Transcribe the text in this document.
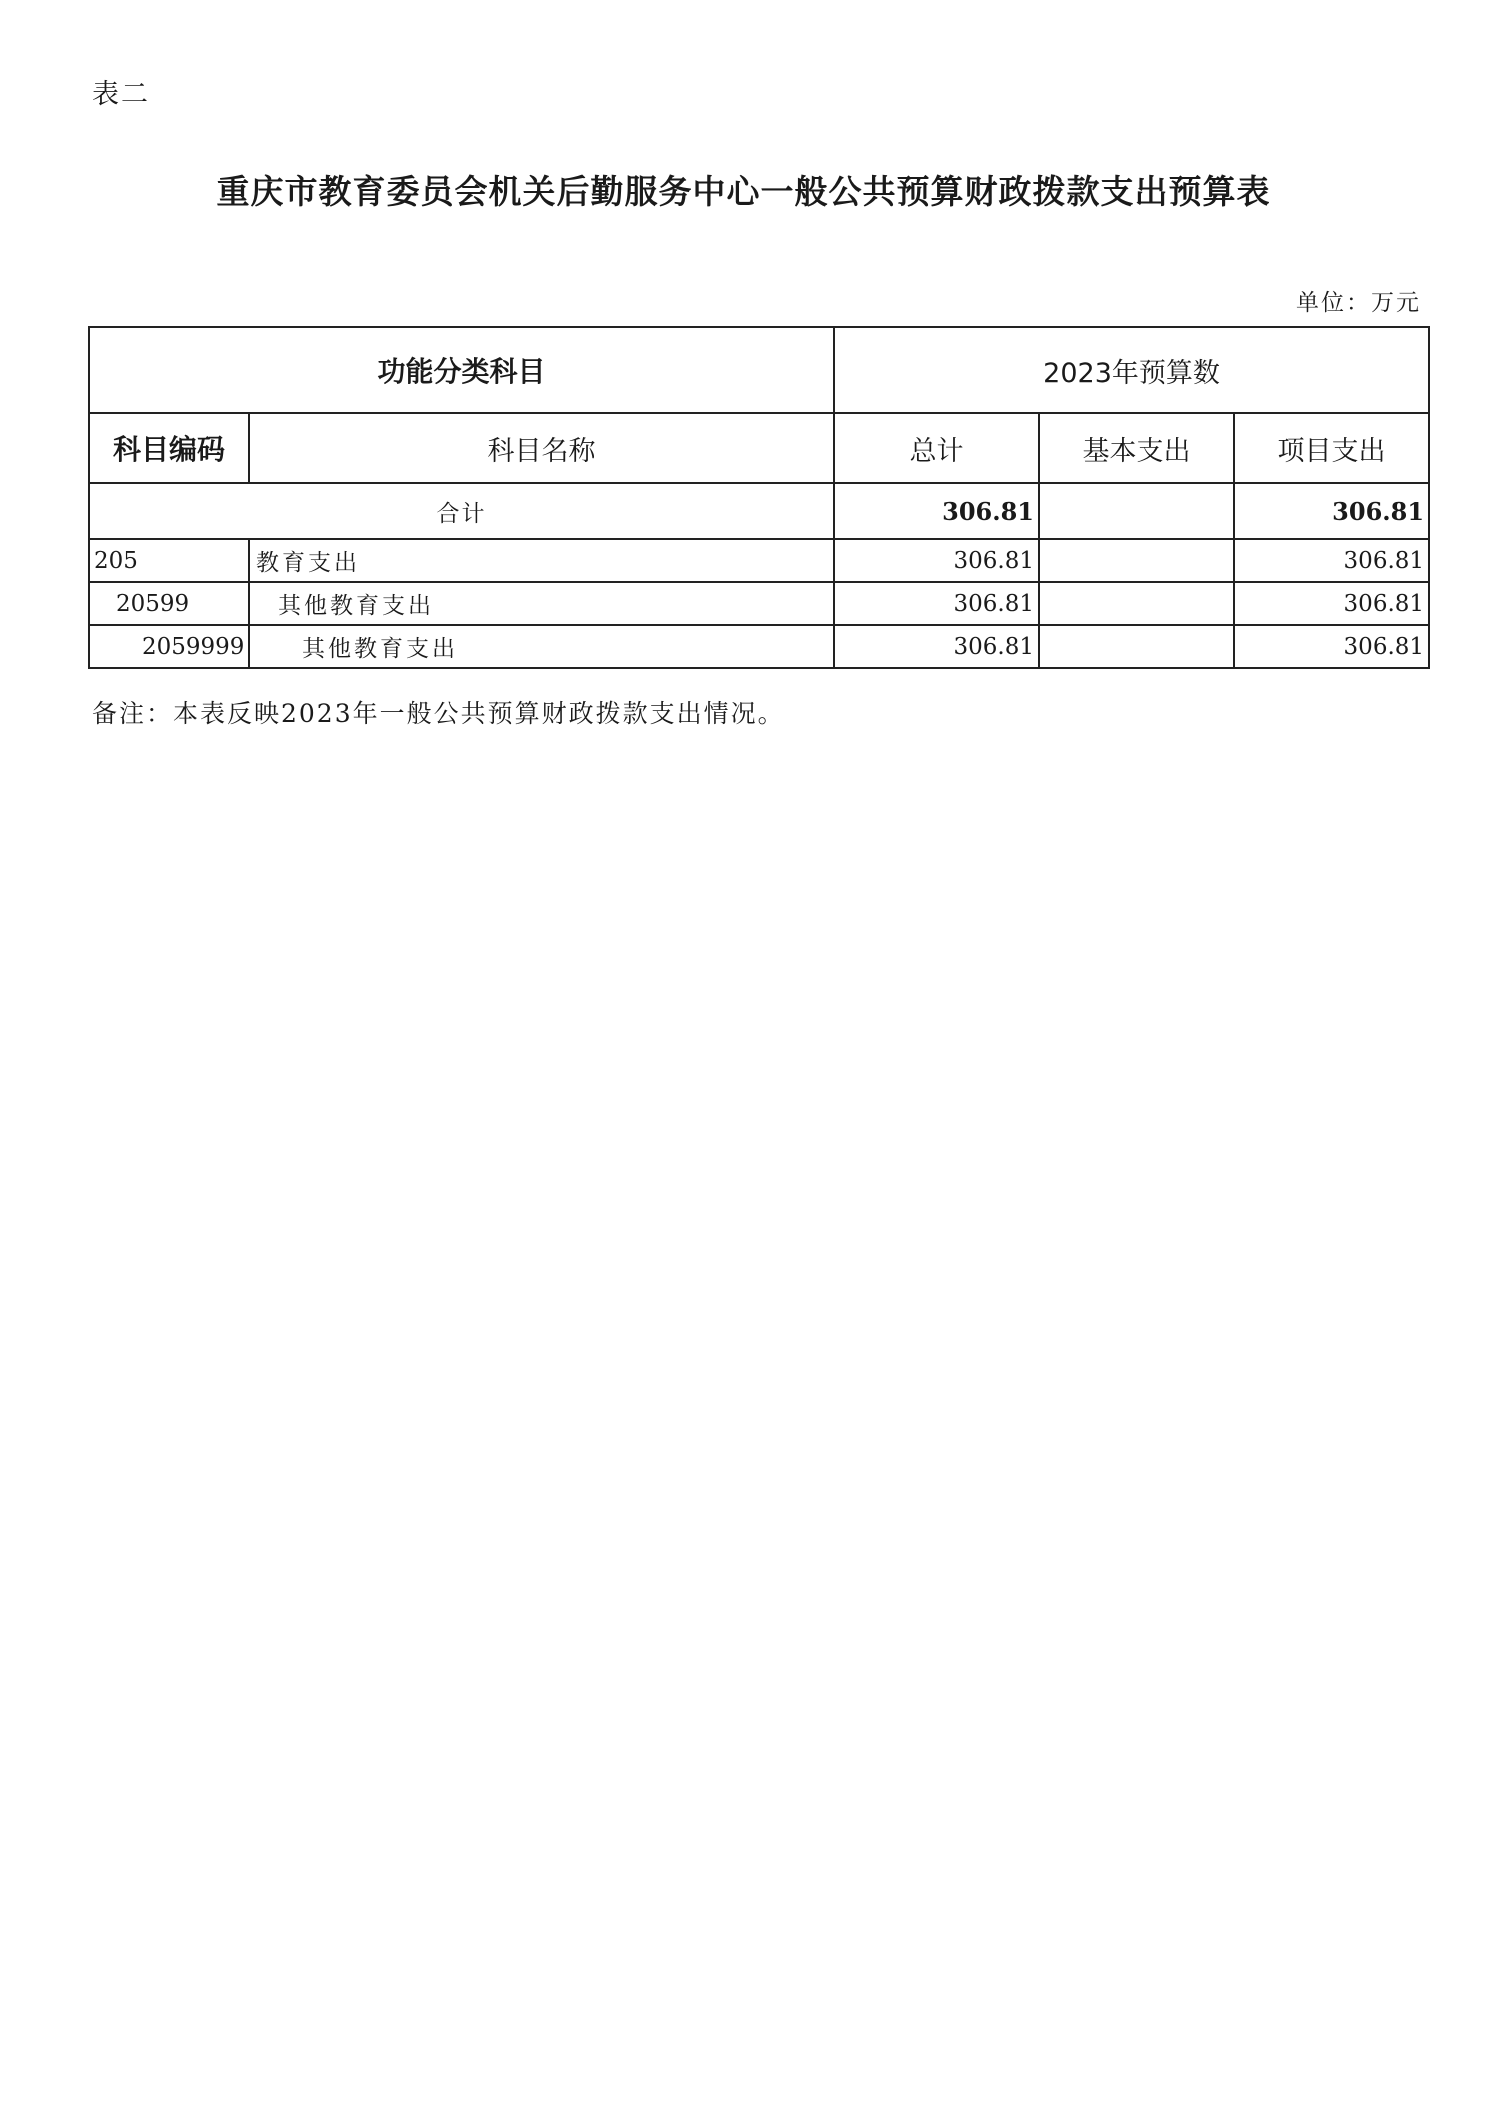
表二
重庆市教育委员会机关后勤服务中心一般公共预算财政拨款支出预算表
单位：万元
功能分类科目		2023年预算数		
科目编码	科目名称	总计	基本支出	项目支出
合计		306.81		306.81
205	教育支出	306.81		306.81
20599	其他教育支出	306.81		306.81
2059999	其他教育支出	306.81		306.81
备注：本表反映2023年一般公共预算财政拨款支出情况。
